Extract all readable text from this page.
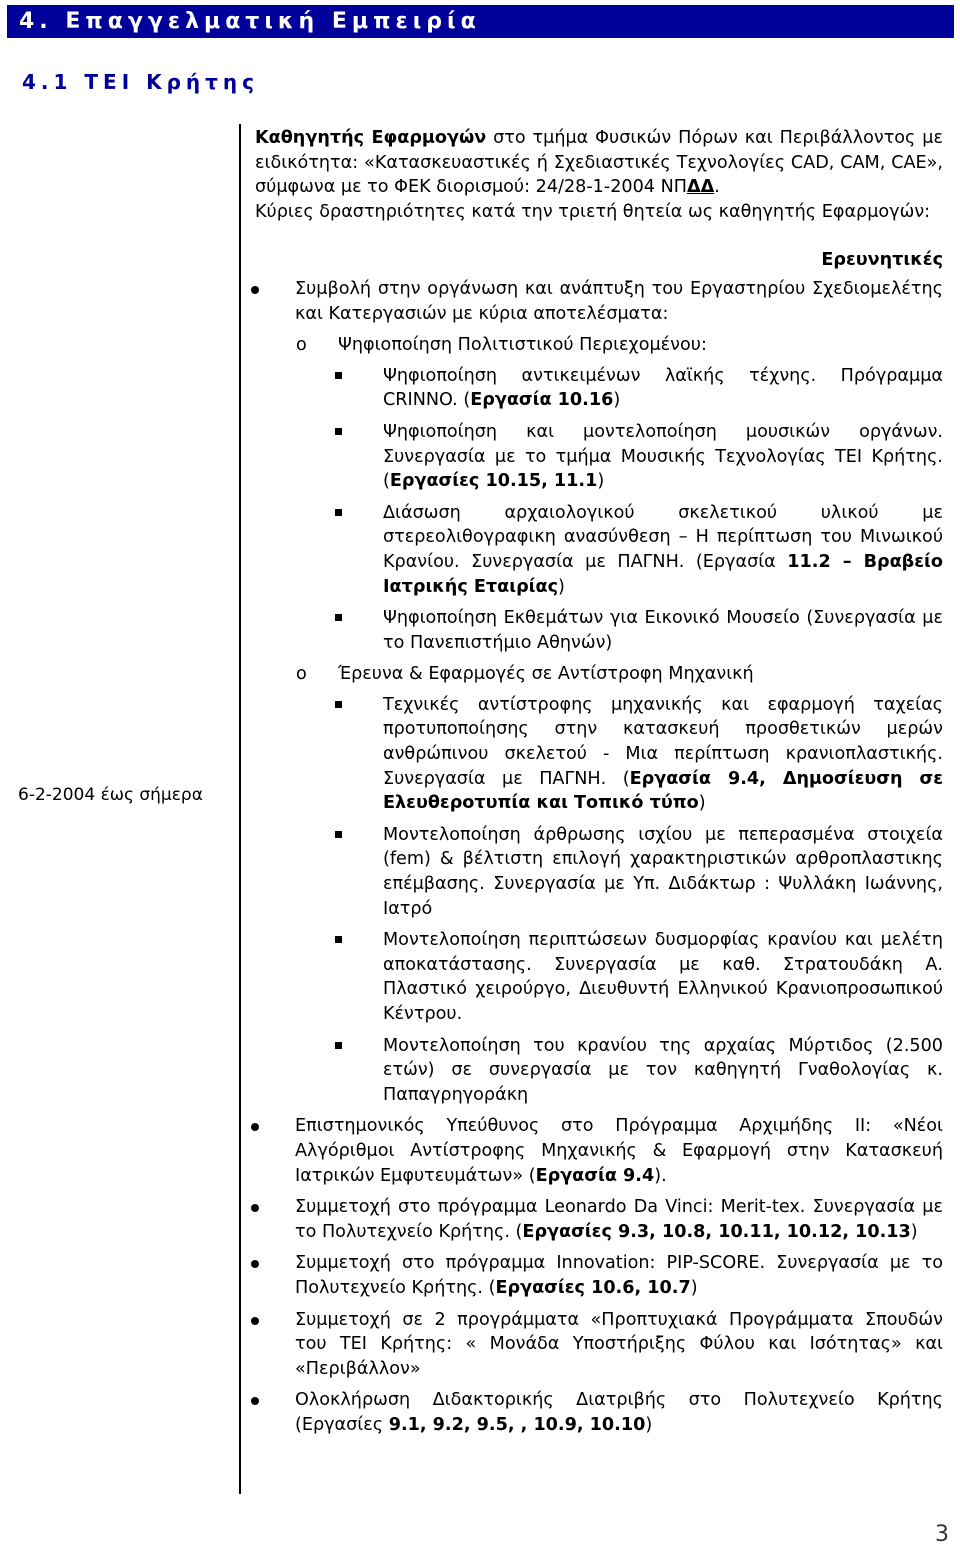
4. Επαγγελματική Εμπειρία
4.1 ΤΕΙ Κρήτης
6-2-2004 έως σήμερα

Καθηγητής Εφαρμογών στο τμήμα Φυσικών Πόρων και Περιβάλλοντος με ειδικότητα: «Κατασκευαστικές ή Σχεδιαστικές Τεχνολογίες CAD, CAM, CAE», σύμφωνα με το ΦΕΚ διορισμού: 24/28-1-2004 ΝΠΔΔ.

Κύριες δραστηριότητες κατά την τριετή θητεία ως καθηγητής Εφαρμογών:

Ερευνητικές
Συμβολή στην οργάνωση και ανάπτυξη του Εργαστηρίου Σχεδιομελέτης και Κατεργασιών με κύρια αποτελέσματα:
o Ψηφιοποίηση Πολιτιστικού Περιεχομένου:
Ψηφιοποίηση αντικειμένων λαϊκής τέχνης. Πρόγραμμα CRINNO. (Εργασία 10.16)
Ψηφιοποίηση και μοντελοποίηση μουσικών οργάνων. Συνεργασία με το τμήμα Μουσικής Τεχνολογίας ΤΕΙ Κρήτης. (Εργασίες 10.15, 11.1)
Διάσωση αρχαιολογικού σκελετικού υλικού με στερεολιθογραφικη ανασύνθεση – Η περίπτωση του Μινωικού Κρανίου. Συνεργασία με ΠΑΓΝΗ. (Εργασία 11.2 – Βραβείο Ιατρικής Εταιρίας)
Ψηφιοποίηση Εκθεμάτων για Εικονικό Μουσείο (Συνεργασία με το Πανεπιστήμιο Αθηνών)
o Έρευνα & Εφαρμογές σε Αντίστροφη Μηχανική
Τεχνικές αντίστροφης μηχανικής και εφαρμογή ταχείας προτυποποίησης στην κατασκευή προσθετικών μερών ανθρώπινου σκελετού - Μια περίπτωση κρανιοπλαστικής. Συνεργασία με ΠΑΓΝΗ. (Εργασία 9.4, Δημοσίευση σε Ελευθεροτυπία και Τοπικό τύπο)
Μοντελοποίηση άρθρωσης ισχίου με πεπερασμένα στοιχεία (fem) & βέλτιστη επιλογή χαρακτηριστικών αρθροπλαστικης επέμβασης. Συνεργασία με Υπ. Διδάκτωρ : Ψυλλάκη Ιωάννης, Ιατρό
Μοντελοποίηση περιπτώσεων δυσμορφίας κρανίου και μελέτη αποκατάστασης. Συνεργασία με καθ. Στρατουδάκη Α. Πλαστικό χειρούργο, Διευθυντή Ελληνικού Κρανιοπροσωπικού Κέντρου.
Μοντελοποίηση του κρανίου της αρχαίας Μύρτιδος (2.500 ετών) σε συνεργασία με τον καθηγητή Γναθολογίας κ. Παπαγρηγοράκη
Επιστημονικός Υπεύθυνος στο Πρόγραμμα Αρχιμήδης ΙΙ: «Νέοι Αλγόριθμοι Αντίστροφης Μηχανικής & Εφαρμογή στην Κατασκευή Ιατρικών Εμφυτευμάτων» (Εργασία 9.4).
Συμμετοχή στο πρόγραμμα Leonardo Da Vinci: Merit-tex. Συνεργασία με το Πολυτεχνείο Κρήτης. (Εργασίες 9.3, 10.8, 10.11, 10.12, 10.13)
Συμμετοχή στο πρόγραμμα Innovation: PIP-SCORE. Συνεργασία με το Πολυτεχνείο Κρήτης. (Εργασίες 10.6, 10.7)
Συμμετοχή σε 2 προγράμματα «Προπτυχιακά Προγράμματα Σπουδών του ΤΕΙ Κρήτης: « Μονάδα Υποστήριξης Φύλου και Ισότητας» και «Περιβάλλον»
Ολοκλήρωση Διδακτορικής Διατριβής στο Πολυτεχνείο Κρήτης (Εργασίες 9.1, 9.2, 9.5, , 10.9, 10.10)
3
